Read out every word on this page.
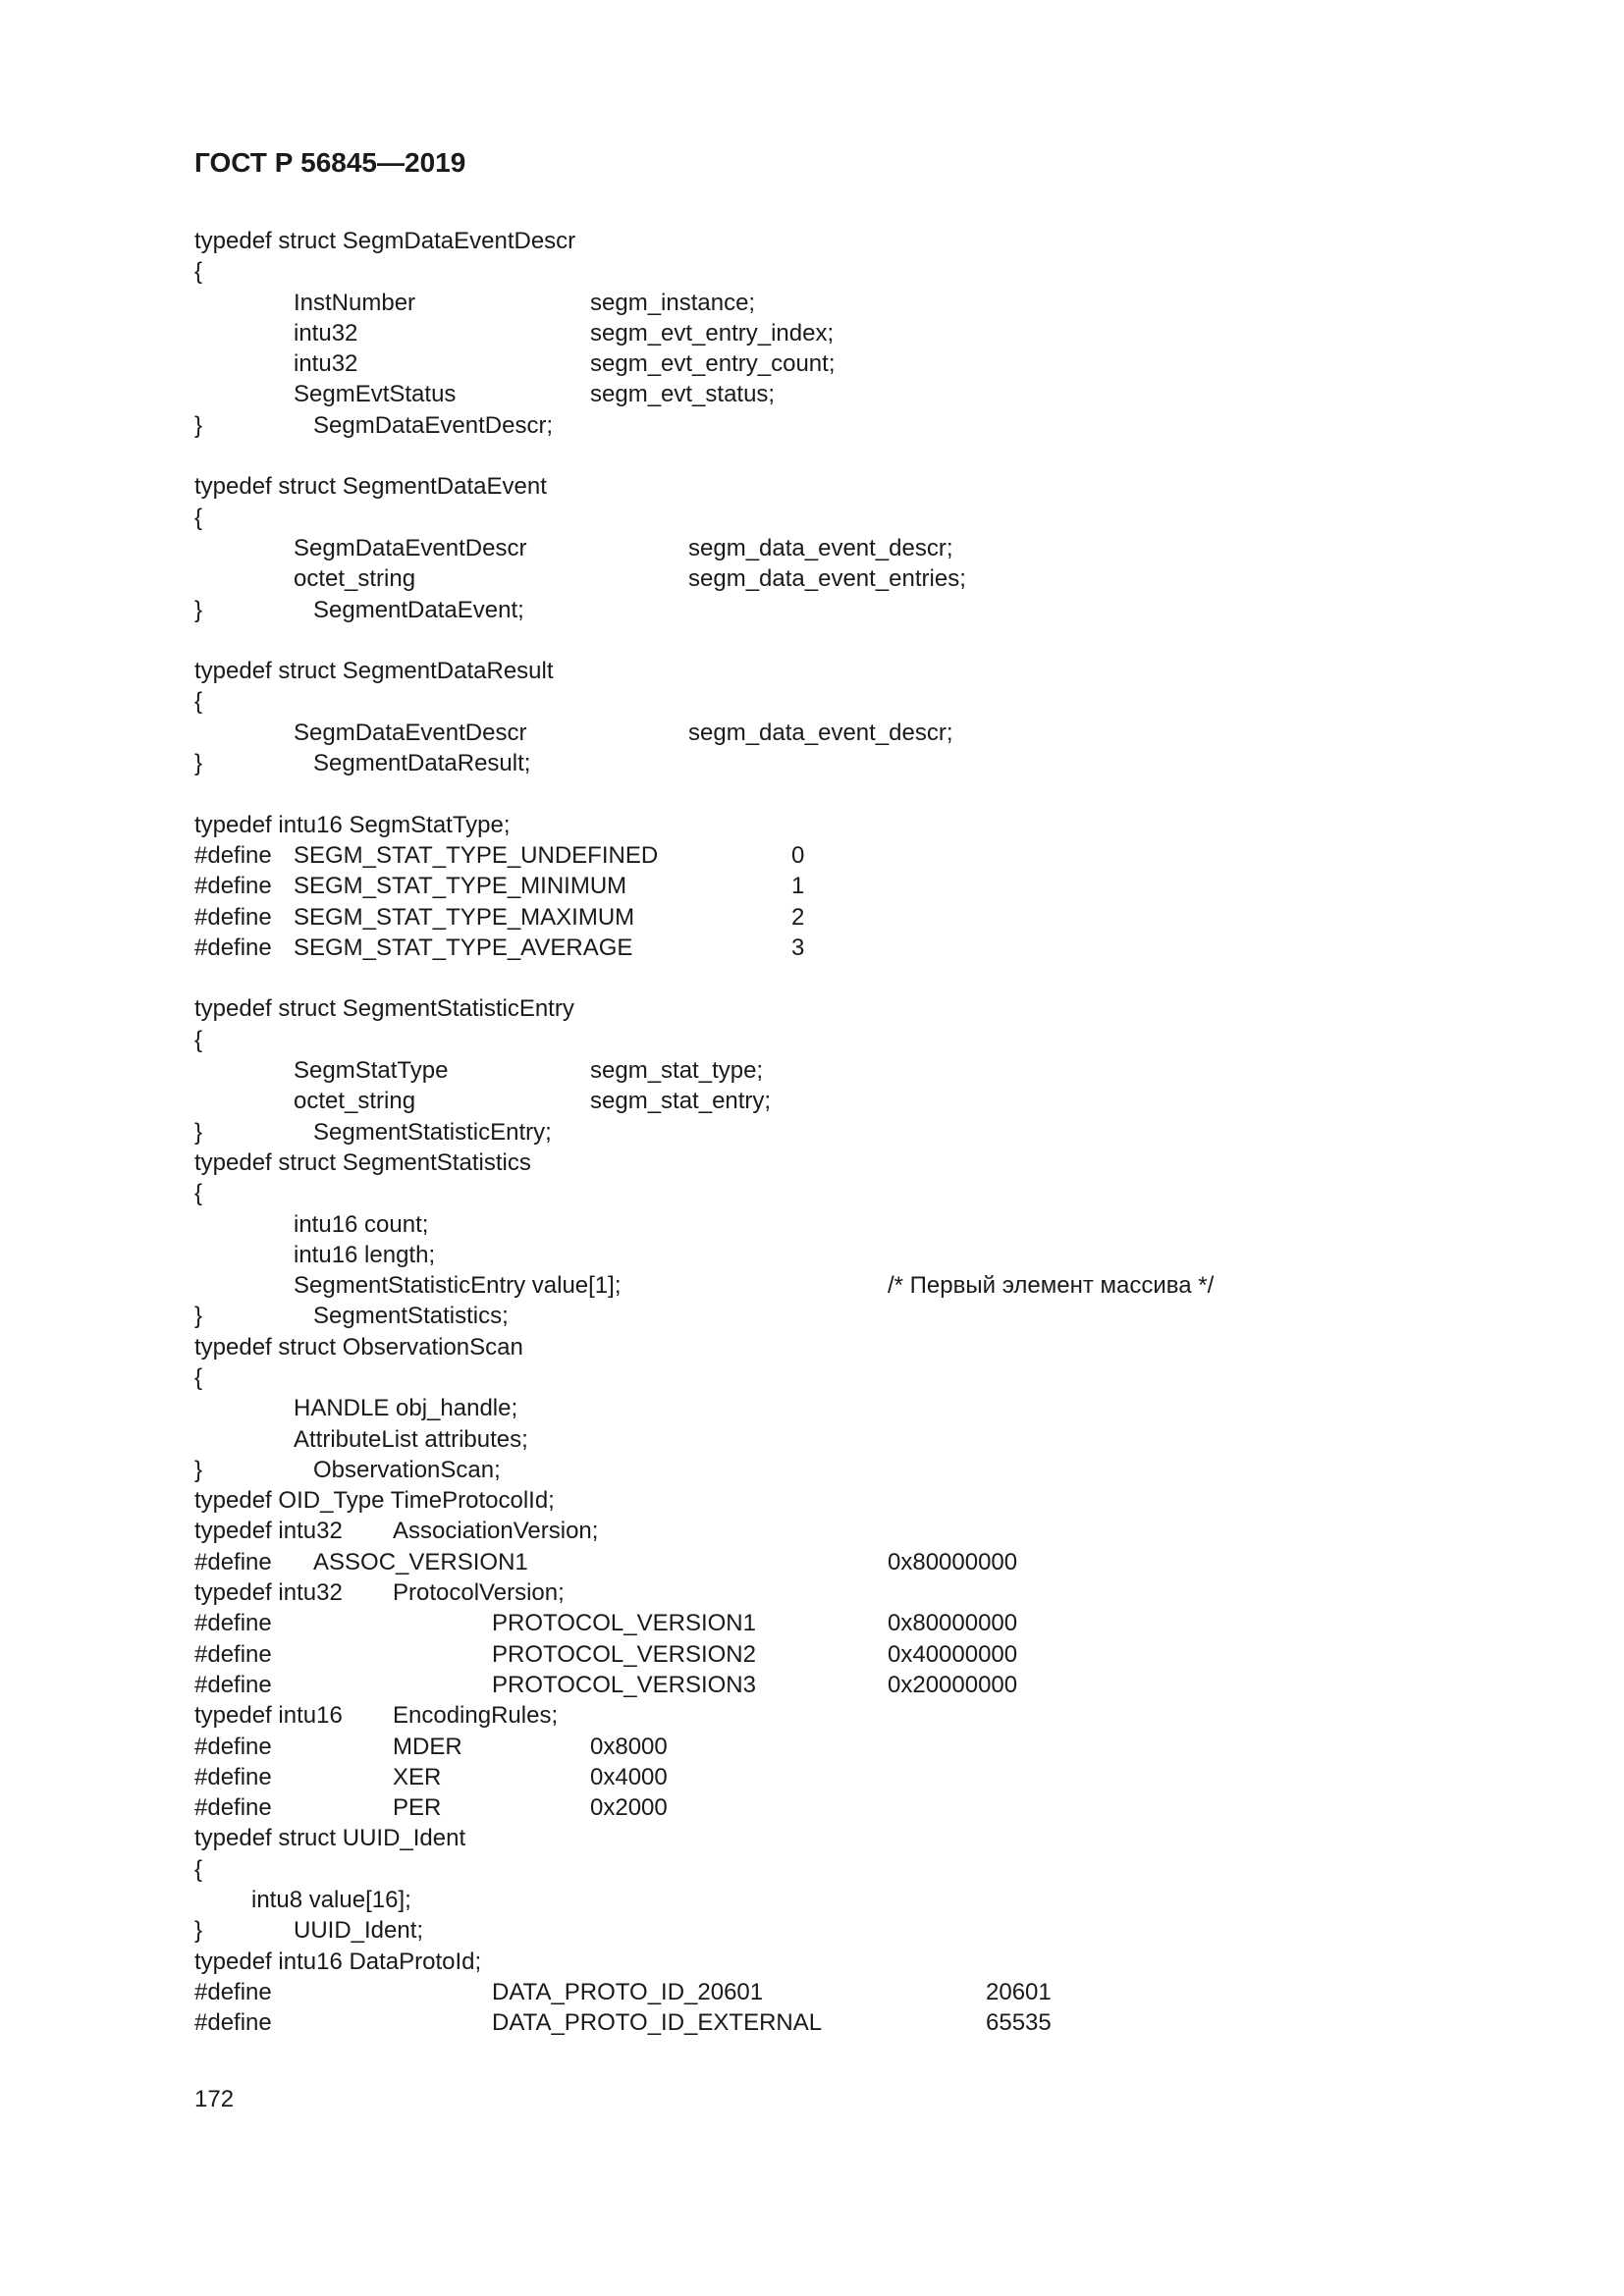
ГОСТ Р 56845—2019
typedef struct SegmDataEventDescr
{
InstNumber	segm_instance;
intu32	segm_evt_entry_index;
intu32	segm_evt_entry_count;
SegmEvtStatus	segm_evt_status;
}	SegmDataEventDescr;
typedef struct SegmentDataEvent
{
SegmDataEventDescr	segm_data_event_descr;
octet_string	segm_data_event_entries;
}	SegmentDataEvent;
typedef struct SegmentDataResult
{
SegmDataEventDescr	segm_data_event_descr;
}	SegmentDataResult;
typedef intu16 SegmStatType;
#define SEGM_STAT_TYPE_UNDEFINED	0
#define SEGM_STAT_TYPE_MINIMUM	1
#define SEGM_STAT_TYPE_MAXIMUM	2
#define SEGM_STAT_TYPE_AVERAGE	3
typedef struct SegmentStatisticEntry
{
SegmStatType	segm_stat_type;
octet_string	segm_stat_entry;
}	SegmentStatisticEntry;
typedef struct SegmentStatistics
{
intu16 count;
intu16 length;
SegmentStatisticEntry value[1];	/* Первый элемент массива */
}	SegmentStatistics;
typedef struct ObservationScan
{
HANDLE obj_handle;
AttributeList attributes;
}	ObservationScan;
typedef OID_Type TimeProtocolId;
typedef intu32 AssociationVersion;
#define ASSOC_VERSION1	0x80000000
typedef intu32 ProtocolVersion;
#define	PROTOCOL_VERSION1	0x80000000
#define	PROTOCOL_VERSION2	0x40000000
#define	PROTOCOL_VERSION3	0x20000000
typedef intu16 EncodingRules;
#define	MDER	0x8000
#define	XER	0x4000
#define	PER	0x2000
typedef struct UUID_Ident
{
intu8 value[16];
}	UUID_Ident;
typedef intu16 DataProtoId;
#define	DATA_PROTO_ID_20601	20601
#define	DATA_PROTO_ID_EXTERNAL	65535
172
